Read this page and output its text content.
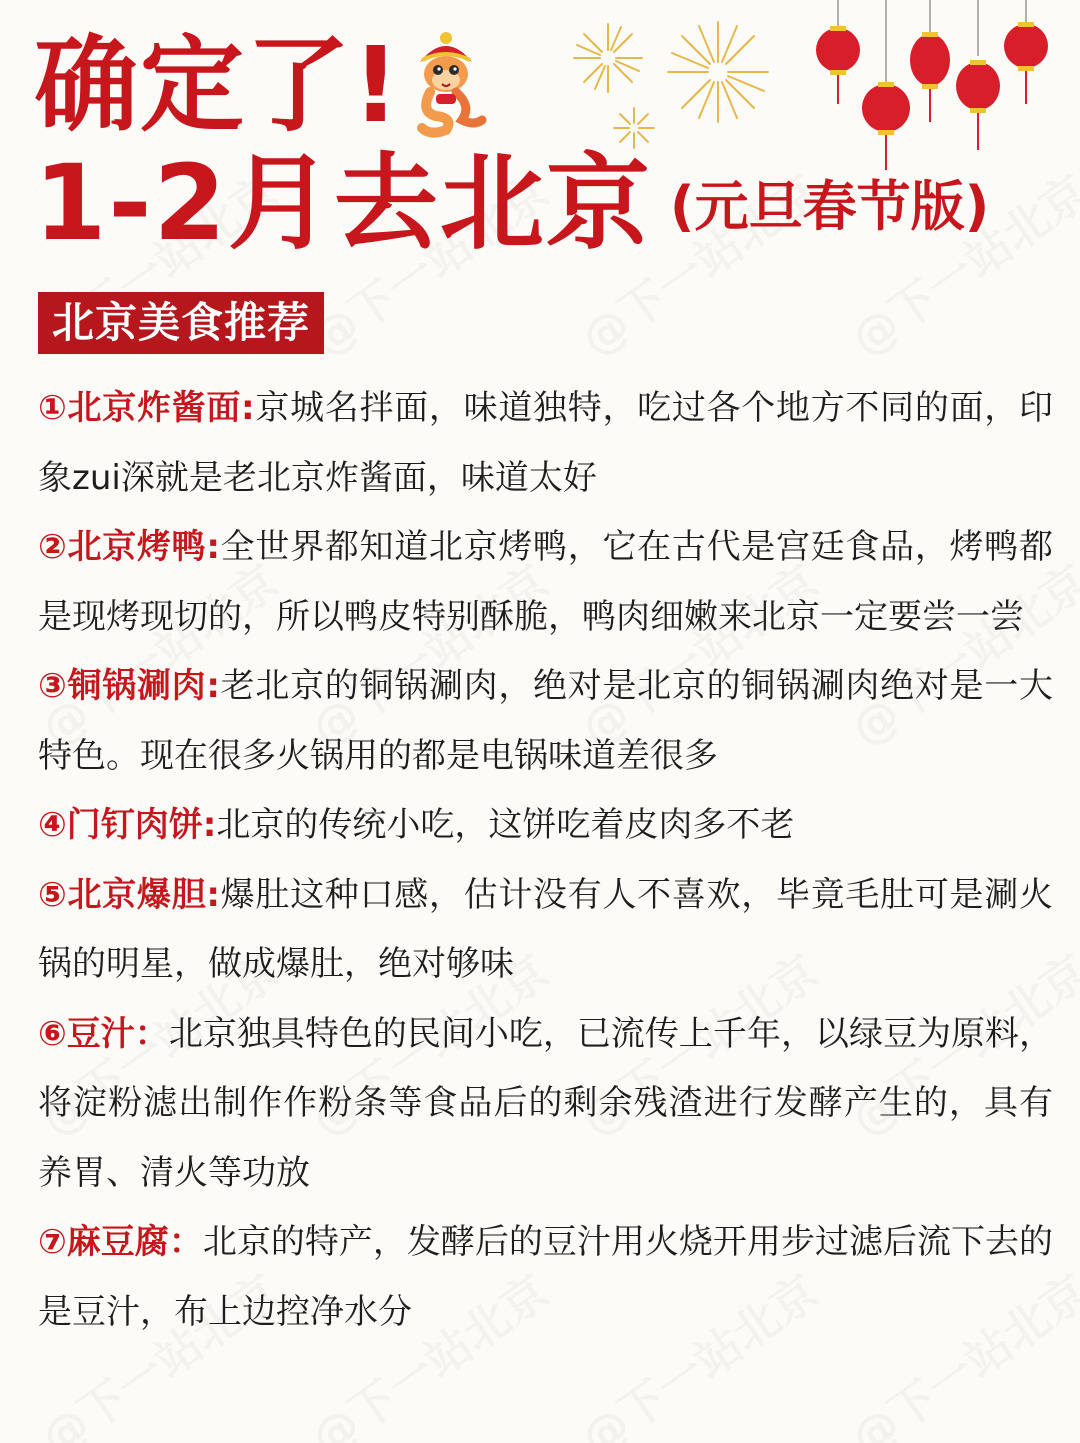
确定了!
1-2月去北京 (元旦春节版)
北京美食推荐

①北京炸酱面:京城名拌面，味道独特，吃过各个地方不同的面，印象zui深就是老北京炸酱面，味道太好

②北京烤鸭:全世界都知道北京烤鸭，它在古代是宫廷食品，烤鸭都是现烤现切的，所以鸭皮特别酥脆，鸭肉细嫩来北京一定要尝一尝

③铜锅涮肉:老北京的铜锅涮肉，绝对是北京的铜锅涮肉绝对是一大特色。现在很多火锅用的都是电锅味道差很多

④门钉肉饼:北京的传统小吃，这饼吃着皮肉多不老

⑤北京爆胆:爆肚这种口感，估计没有人不喜欢，毕竟毛肚可是涮火锅的明星，做成爆肚，绝对够味

⑥豆汁：北京独具特色的民间小吃，已流传上千年，以绿豆为原料，将淀粉滤出制作作粉条等食品后的剩余残渣进行发酵产生的，具有养胃、清火等功放

⑦麻豆腐：北京的特产，发酵后的豆汁用火烧开用步过滤后流下去的是豆汁，布上边控净水分
